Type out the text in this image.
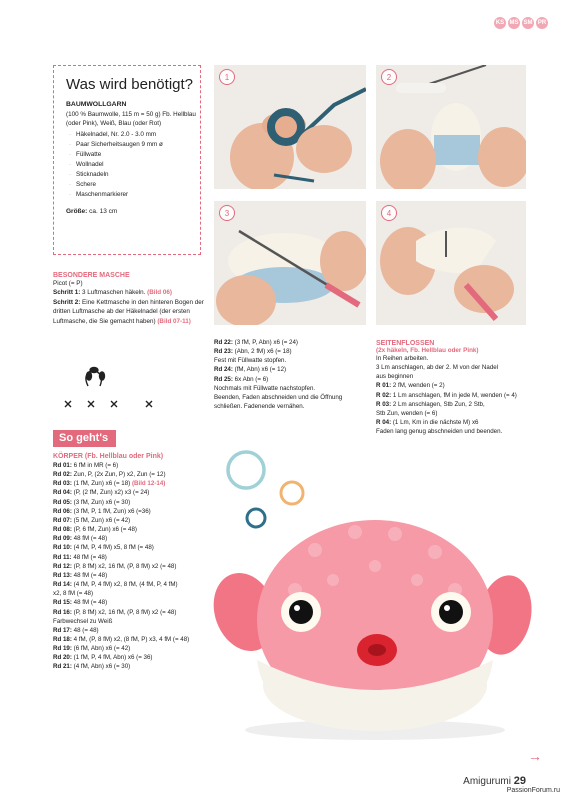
KS MS SM PR
Was wird benötigt?
BAUMWOLLGARN
(100 % Baumwolle, 115 m = 50 g) Fb. Hellblau (oder Pink), Weiß, Blau (oder Rot)
· Häkelnadel, Nr. 2.0 - 3.0 mm
· Paar Sicherheitsaugen 9 mm ø
· Füllwatte
· Wollnadel
· Sticknadeln
· Schere
· Maschenmarkierer
Größe: ca. 13 cm
BESONDERE MASCHE
Picot (= P)
Schritt 1: 3 Luftmaschen häkeln. (Bild 06)
Schritt 2: Eine Kettmasche in den hinteren Bogen der dritten Luftmasche ab der Häkelnadel (der ersten Luftmasche, die Sie gemacht haben) (Bild 07-11)
1	2
3	4
So geht's
KÖRPER (Fb. Hellblau oder Pink)
Rd 01: 6 fM in MR (= 6)
Rd 02: Zun, P, (2x Zun, P) x2, Zun (= 12)
Rd 03: (1 fM, Zun) x6 (= 18) (Bild 12-14)
Rd 04: (P, (2 fM, Zun) x2) x3 (= 24)
Rd 05: (3 fM, Zun) x6 (= 30)
Rd 06: (3 fM, P, 1 fM, Zun) x6 (=36)
Rd 07: (5 fM, Zun) x6 (= 42)
Rd 08: (P, 6 fM, Zun) x6 (= 48)
Rd 09: 48 fM (= 48)
Rd 10: (4 fM, P, 4 fM) x5, 8 fM (= 48)
Rd 11: 48 fM (= 48)
Rd 12: (P, 8 fM) x2, 16 fM, (P, 8 fM) x2 (= 48)
Rd 13: 48 fM (= 48)
Rd 14: (4 fM, P, 4 fM) x2, 8 fM, (4 fM, P, 4 fM)
x2, 8 fM (= 48)
Rd 15: 48 fM (= 48)
Rd 16: (P, 8 fM) x2, 16 fM, (P, 8 fM) x2 (= 48)
Farbwechsel zu Weiß
Rd 17: 48 (= 48)
Rd 18: 4 fM, (P, 8 fM) x2, (8 fM, P) x3, 4 fM (= 48)
Rd 19: (6 fM, Abn) x6 (= 42)
Rd 20: (1 fM, P, 4 fM, Abn) x6 (= 36)
Rd 21: (4 fM, Abn) x6 (= 30)
Rd 22: (3 fM, P, Abn) x6 (= 24)
Rd 23: (Abn, 2 fM) x6 (= 18)
Fest mit Füllwatte stopfen.
Rd 24: (fM, Abn) x6 (= 12)
Rd 25: 6x Abn (= 6)
Nochmals mit Füllwatte nachstopfen.
Beenden, Faden abschneiden und die Öffnung
schließen. Fadenende vernähen.
SEITENFLOSSEN
(2x häkeln, Fb. Hellblau oder Pink)
In Reihen arbeiten.
3 Lm anschlagen, ab der 2. M von der Nadel
aus beginnen
R 01: 2 fM, wenden (= 2)
R 02: 1 Lm anschlagen, fM in jede M, wenden (= 4)
R 03: 2 Lm anschlagen, Stb Zun, 2 Stb,
Stb Zun, wenden (= 6)
R 04: (1 Lm, Km in die nächste M) x6
Faden lang genug abschneiden und beenden.
→
Amigurumi 29
PassionForum.ru
